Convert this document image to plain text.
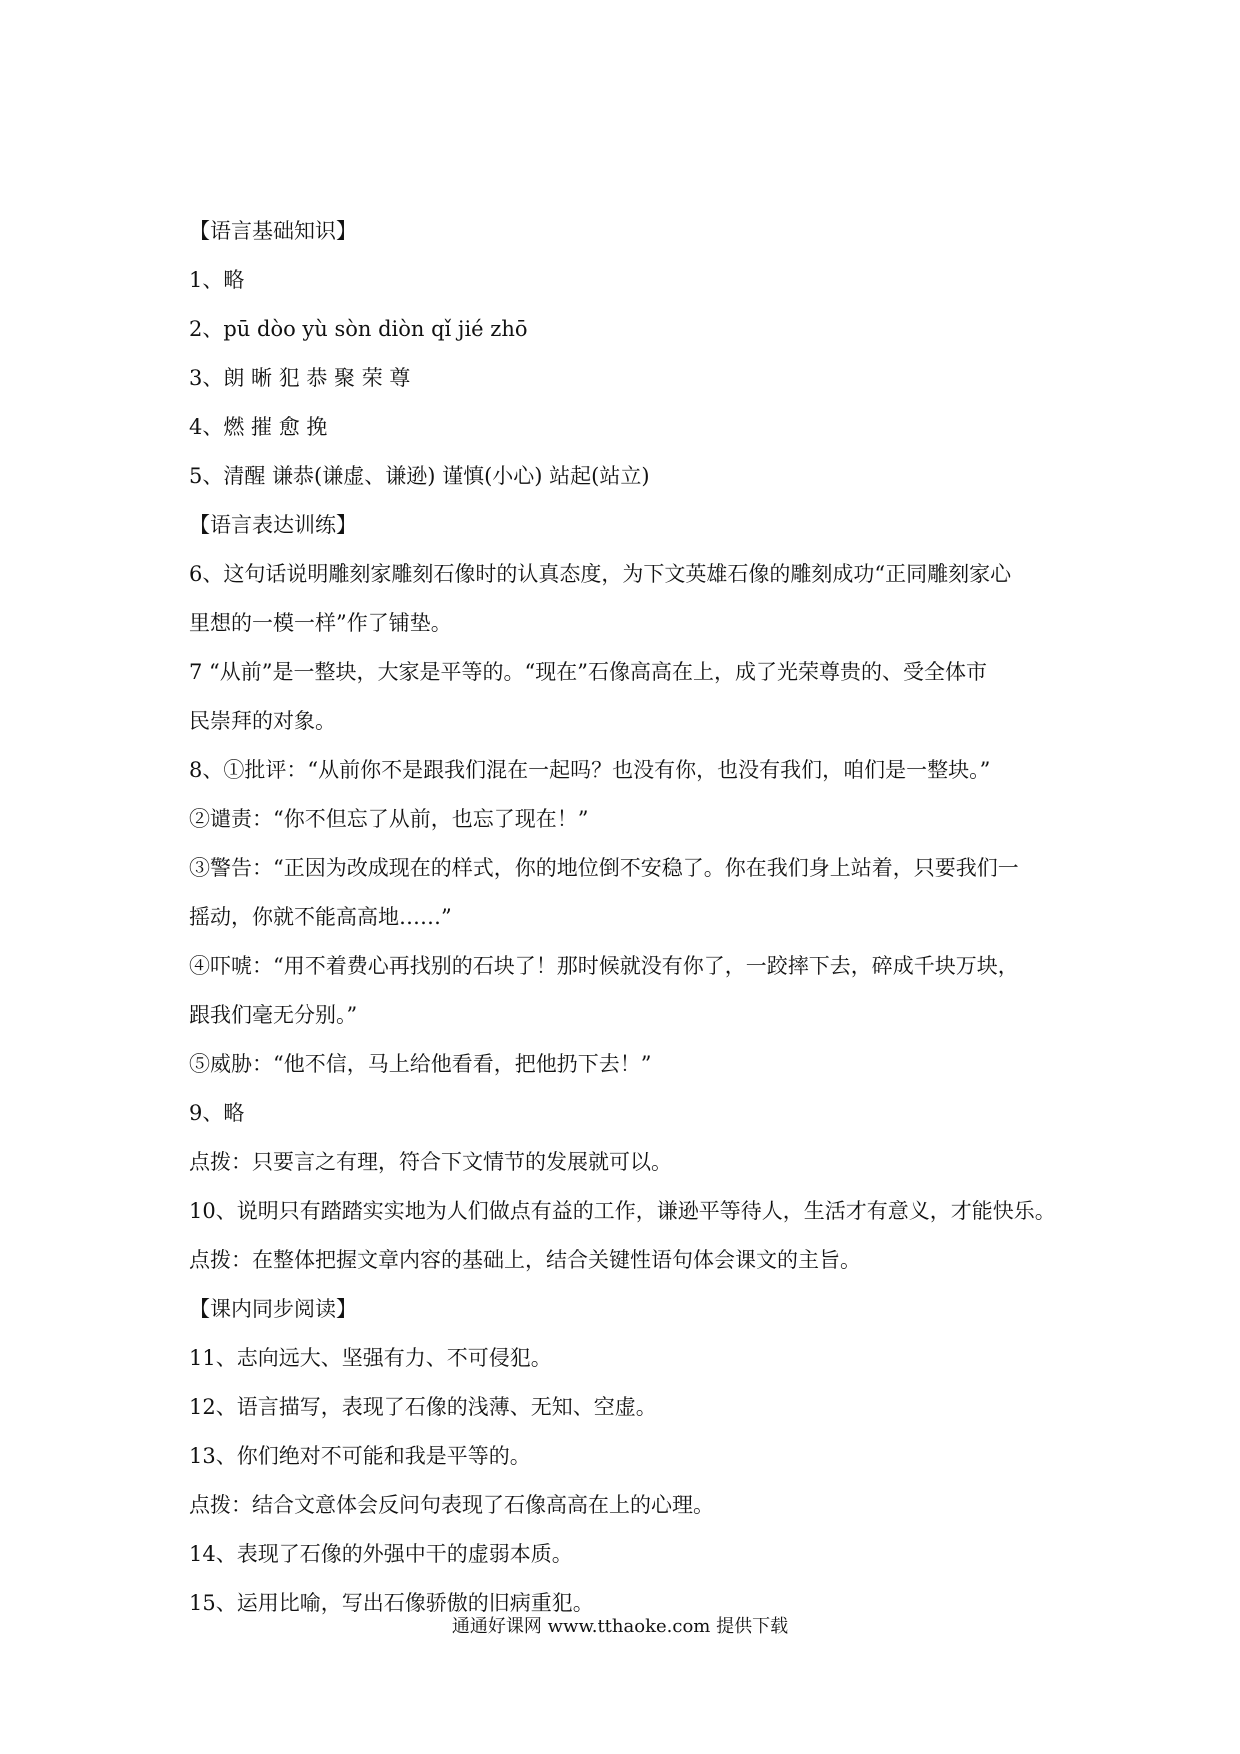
【语言基础知识】
1、略
2、pū dòo yù sòn diòn qǐ jié zhō
3、朗 晰 犯 恭 聚 荣 尊
4、燃 摧 愈 挽
5、清醒 谦恭(谦虚、谦逊) 谨慎(小心) 站起(站立)
【语言表达训练】
6、这句话说明雕刻家雕刻石像时的认真态度，为下文英雄石像的雕刻成功“正同雕刻家心
里想的一模一样”作了铺垫。
7 “从前”是一整块，大家是平等的。“现在”石像高高在上，成了光荣尊贵的、受全体市
民崇拜的对象。
8、①批评：“从前你不是跟我们混在一起吗？也没有你，也没有我们，咱们是一整块。”
②谴责：“你不但忘了从前，也忘了现在！”
③警告：“正因为改成现在的样式，你的地位倒不安稳了。你在我们身上站着，只要我们一
摇动，你就不能高高地……”
④吓唬：“用不着费心再找别的石块了！那时候就没有你了，一跤摔下去，碎成千块万块，
跟我们毫无分别。”
⑤威胁：“他不信，马上给他看看，把他扔下去！”
9、略
点拨：只要言之有理，符合下文情节的发展就可以。
10、说明只有踏踏实实地为人们做点有益的工作，谦逊平等待人，生活才有意义，才能快乐。
点拨：在整体把握文章内容的基础上，结合关键性语句体会课文的主旨。
【课内同步阅读】
11、志向远大、坚强有力、不可侵犯。
12、语言描写，表现了石像的浅薄、无知、空虚。
13、你们绝对不可能和我是平等的。
点拨：结合文意体会反问句表现了石像高高在上的心理。
14、表现了石像的外强中干的虚弱本质。
15、运用比喻，写出石像骄傲的旧病重犯。
通通好课网 www.tthaoke.com 提供下载
